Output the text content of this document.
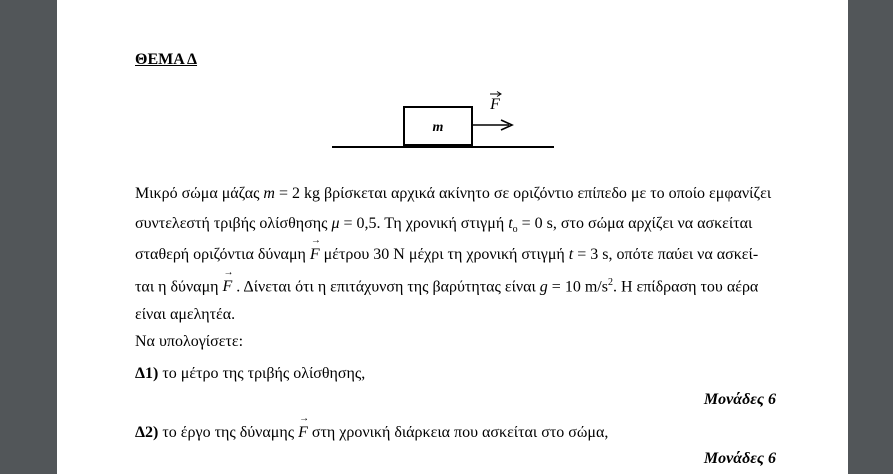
ΘΕΜΑ Δ
m
F
Μικρό σώμα μάζας m = 2 kg βρίσκεται αρχικά ακίνητο σε οριζόντιο επίπεδο με το οποίο εμφανίζει
συντελεστή τριβής ολίσθησης μ = 0,5. Τη χρονική στιγμή $t_o = 0$ s, στο σώμα αρχίζει να ασκείται
σταθερή οριζόντια δύναμη → F μέτρου 30 N μέχρι τη χρονική στιγμή t = 3 s, οπότε παύει να ασκεί-
ται η δύναμη → F . Δίνεται ότι η επιτάχυνση της βαρύτητας είναι g = 10 $m/s^2$. Η επίδραση του αέρα
είναι αμελητέα.
Να υπολογίσετε:
Δ1) το μέτρο της τριβής ολίσθησης,
Μονάδες 6
Δ2) το έργο της δύναμης → F στη χρονική διάρκεια που ασκείται στο σώμα,
Μονάδες 6
